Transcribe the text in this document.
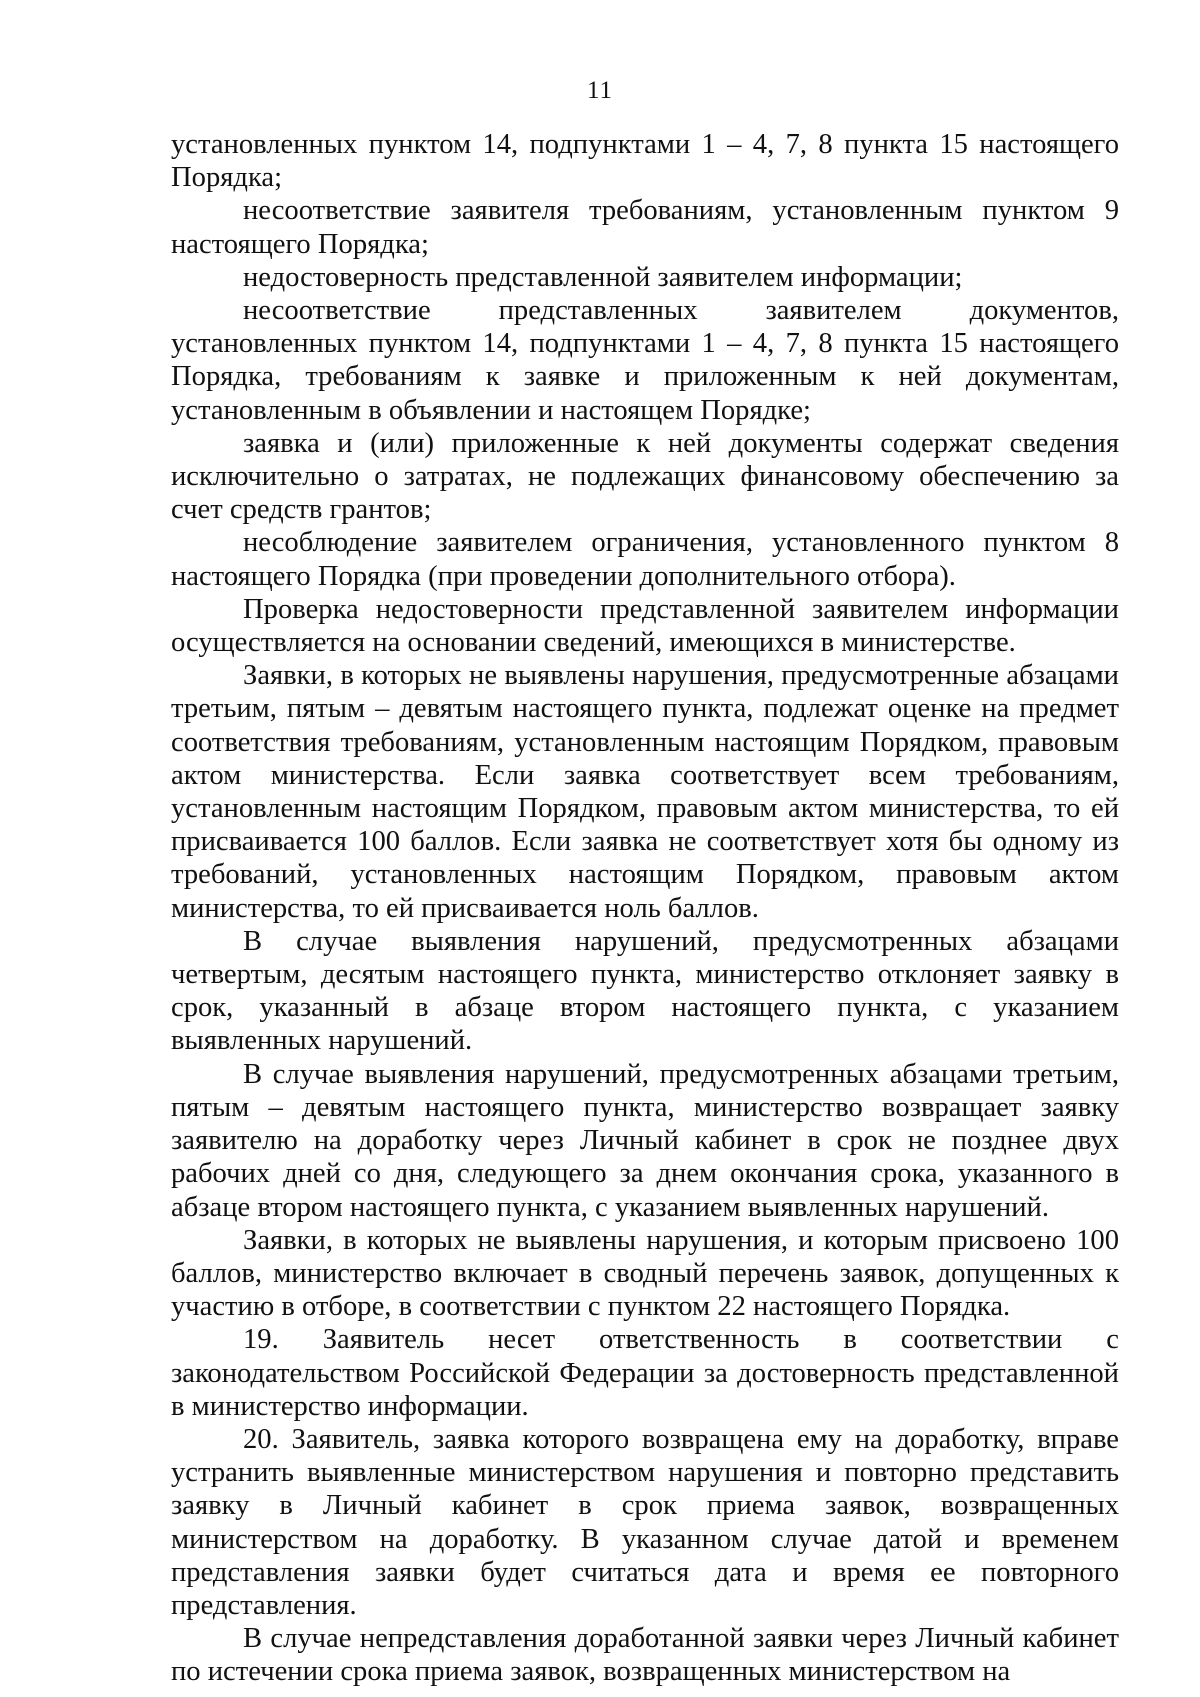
11

установленных пунктом 14, подпунктами 1 – 4, 7, 8 пункта 15 настоящего Порядка;

несоответствие заявителя требованиям, установленным пунктом 9 настоящего Порядка;

недостоверность представленной заявителем информации;

несоответствие представленных заявителем документов, установленных пунктом 14, подпунктами 1 – 4, 7, 8 пункта 15 настоящего Порядка, требованиям к заявке и приложенным к ней документам, установленным в объявлении и настоящем Порядке;

заявка и (или) приложенные к ней документы содержат сведения исключительно о затратах, не подлежащих финансовому обеспечению за счет средств грантов;

несоблюдение заявителем ограничения, установленного пунктом 8 настоящего Порядка (при проведении дополнительного отбора).

Проверка недостоверности представленной заявителем информации осуществляется на основании сведений, имеющихся в министерстве.

Заявки, в которых не выявлены нарушения, предусмотренные абзацами третьим, пятым – девятым настоящего пункта, подлежат оценке на предмет соответствия требованиям, установленным настоящим Порядком, правовым актом министерства. Если заявка соответствует всем требованиям, установленным настоящим Порядком, правовым актом министерства, то ей присваивается 100 баллов. Если заявка не соответствует хотя бы одному из требований, установленных настоящим Порядком, правовым актом министерства, то ей присваивается ноль баллов.

В случае выявления нарушений, предусмотренных абзацами четвертым, десятым настоящего пункта, министерство отклоняет заявку в срок, указанный в абзаце втором настоящего пункта, с указанием выявленных нарушений.

В случае выявления нарушений, предусмотренных абзацами третьим, пятым – девятым настоящего пункта, министерство возвращает заявку заявителю на доработку через Личный кабинет в срок не позднее двух рабочих дней со дня, следующего за днем окончания срока, указанного в абзаце втором настоящего пункта, с указанием выявленных нарушений.

Заявки, в которых не выявлены нарушения, и которым присвоено 100 баллов, министерство включает в сводный перечень заявок, допущенных к участию в отборе, в соответствии с пунктом 22 настоящего Порядка.

19. Заявитель несет ответственность в соответствии с законодательством Российской Федерации за достоверность представленной в министерство информации.

20. Заявитель, заявка которого возвращена ему на доработку, вправе устранить выявленные министерством нарушения и повторно представить заявку в Личный кабинет в срок приема заявок, возвращенных министерством на доработку. В указанном случае датой и временем представления заявки будет считаться дата и время ее повторного представления.

В случае непредставления доработанной заявки через Личный кабинет по истечении срока приема заявок, возвращенных министерством на
